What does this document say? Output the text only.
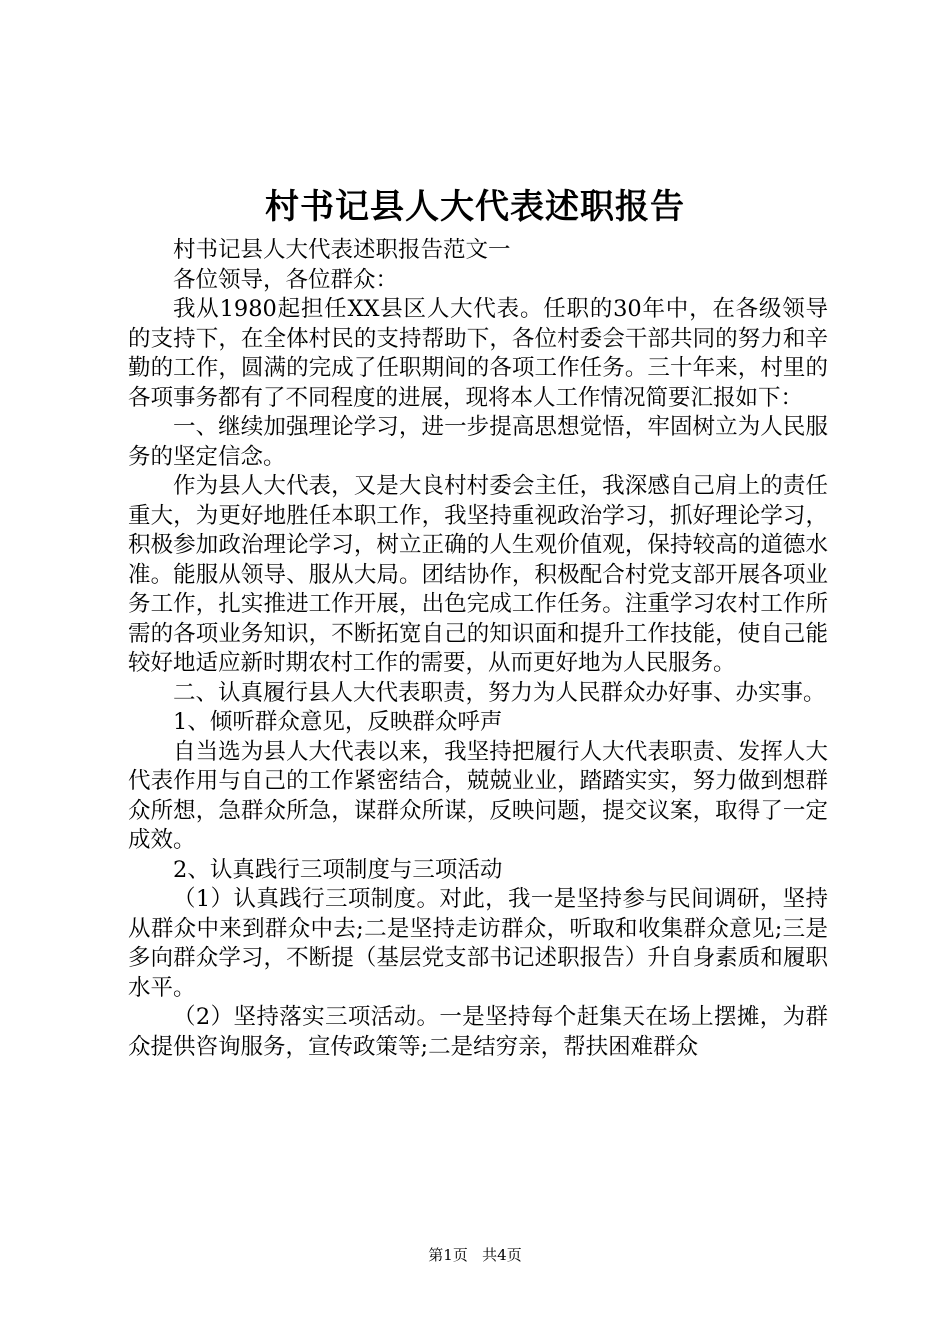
村书记县人大代表述职报告

村书记县人大代表述职报告范文一

各位领导，各位群众：

我从1980起担任XX县区人大代表。任职的30年中，在各级领导的支持下，在全体村民的支持帮助下，各位村委会干部共同的努力和辛勤的工作，圆满的完成了任职期间的各项工作任务。三十年来，村里的各项事务都有了不同程度的进展，现将本人工作情况简要汇报如下：

一、继续加强理论学习，进一步提高思想觉悟，牢固树立为人民服务的坚定信念。

作为县人大代表，又是大良村村委会主任，我深感自己肩上的责任重大，为更好地胜任本职工作，我坚持重视政治学习，抓好理论学习，积极参加政治理论学习，树立正确的人生观价值观，保持较高的道德水准。能服从领导、服从大局。团结协作，积极配合村党支部开展各项业务工作，扎实推进工作开展，出色完成工作任务。注重学习农村工作所需的各项业务知识，不断拓宽自己的知识面和提升工作技能，使自己能较好地适应新时期农村工作的需要，从而更好地为人民服务。

二、认真履行县人大代表职责，努力为人民群众办好事、办实事。

1、倾听群众意见，反映群众呼声

自当选为县人大代表以来，我坚持把履行人大代表职责、发挥人大代表作用与自己的工作紧密结合，兢兢业业，踏踏实实，努力做到想群众所想，急群众所急，谋群众所谋，反映问题，提交议案，取得了一定成效。

2、认真践行三项制度与三项活动

（1）认真践行三项制度。对此，我一是坚持参与民间调研，坚持从群众中来到群众中去;二是坚持走访群众，听取和收集群众意见;三是多向群众学习，不断提（基层党支部书记述职报告）升自身素质和履职水平。

（2）坚持落实三项活动。一是坚持每个赶集天在场上摆摊，为群众提供咨询服务，宣传政策等;二是结穷亲，帮扶困难群众

第1页 共4页
